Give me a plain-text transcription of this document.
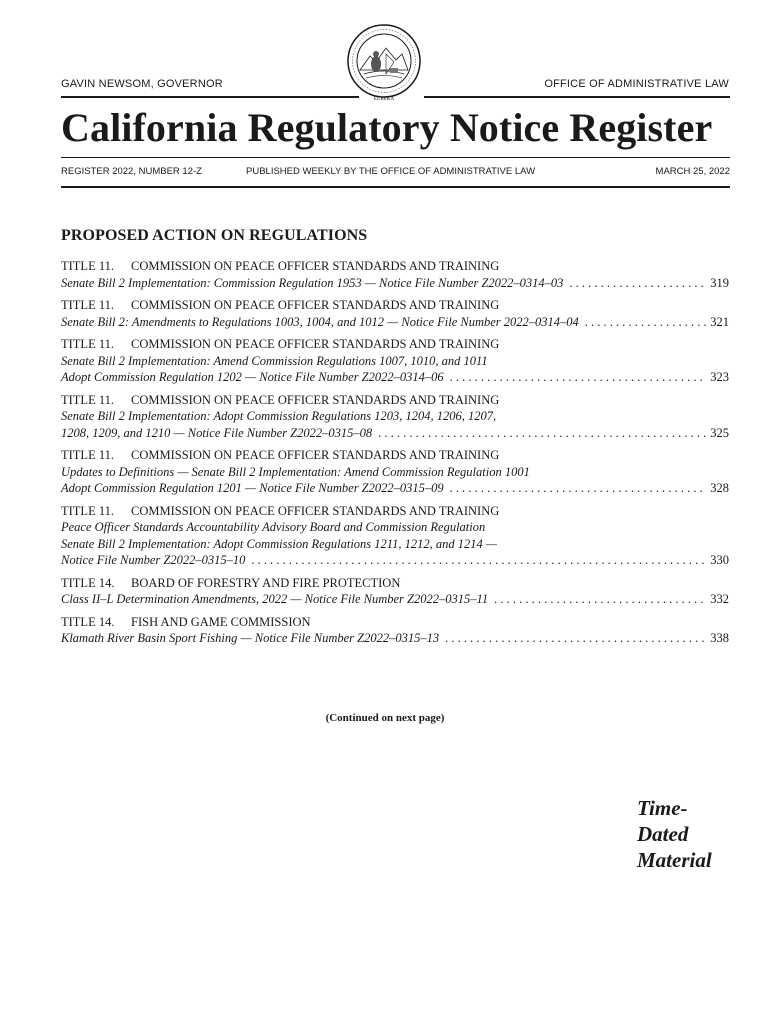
EUREKA
GAVIN NEWSOM, GOVERNOR	OFFICE OF ADMINISTRATIVE LAW
California Regulatory Notice Register
REGISTER 2022, NUMBER 12-Z	PUBLISHED WEEKLY BY THE OFFICE OF ADMINISTRATIVE LAW	MARCH 25, 2022
PROPOSED ACTION ON REGULATIONS
TITLE 11. COMMISSION ON PEACE OFFICER STANDARDS AND TRAINING
Senate Bill 2 Implementation: Commission Regulation 1953 — Notice File Number Z2022–0314–03 . . .	319
TITLE 11. COMMISSION ON PEACE OFFICER STANDARDS AND TRAINING
Senate Bill 2: Amendments to Regulations 1003, 1004, and 1012 — Notice File Number 2022–0314–04 . . .	321
TITLE 11. COMMISSION ON PEACE OFFICER STANDARDS AND TRAINING
Senate Bill 2 Implementation: Amend Commission Regulations 1007, 1010, and 1011
Adopt Commission Regulation 1202 — Notice File Number Z2022–0314–06 . . .	323
TITLE 11. COMMISSION ON PEACE OFFICER STANDARDS AND TRAINING
Senate Bill 2 Implementation: Adopt Commission Regulations 1203, 1204, 1206, 1207,
1208, 1209, and 1210 — Notice File Number Z2022–0315–08 . . .	325
TITLE 11. COMMISSION ON PEACE OFFICER STANDARDS AND TRAINING
Updates to Definitions — Senate Bill 2 Implementation: Amend Commission Regulation 1001
Adopt Commission Regulation 1201 — Notice File Number Z2022–0315–09 . . .	328
TITLE 11. COMMISSION ON PEACE OFFICER STANDARDS AND TRAINING
Peace Officer Standards Accountability Advisory Board and Commission Regulation
Senate Bill 2 Implementation: Adopt Commission Regulations 1211, 1212, and 1214 —
Notice File Number Z2022–0315–10 . . .	330
TITLE 14. BOARD OF FORESTRY AND FIRE PROTECTION
Class II–L Determination Amendments, 2022 — Notice File Number Z2022–0315–11 . . .	332
TITLE 14. FISH AND GAME COMMISSION
Klamath River Basin Sport Fishing — Notice File Number Z2022–0315–13 . . .	338
(Continued on next page)
Time-
Dated
Material
